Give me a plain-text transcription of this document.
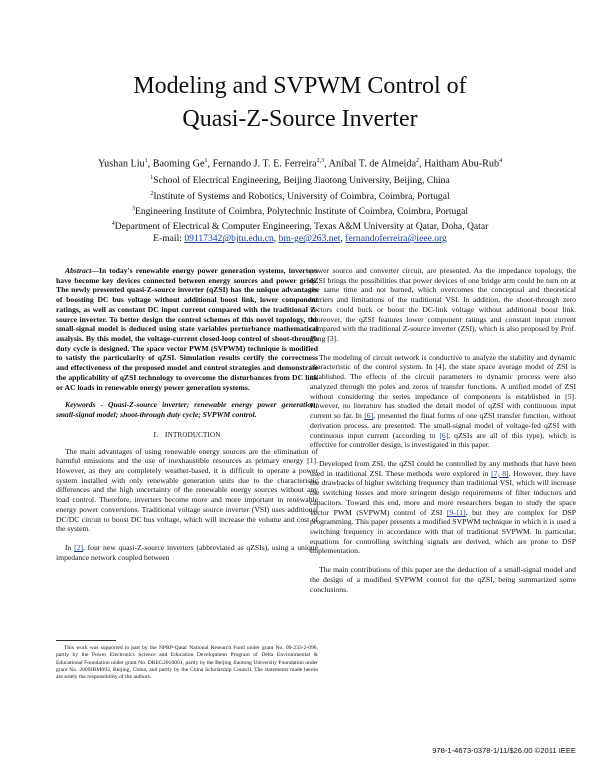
Modeling and SVPWM Control of
Quasi-Z-Source Inverter
Yushan Liu$^1$, Baoming Ge$^1$, Fernando J. T. E. Ferreira$^{2,3}$, Aníbal T. de Almeida$^2$, Haitham Abu-Rub$^4$
$^1$School of Electrical Engineering, Beijing Jiaotong University, Beijing, China
$^2$Institute of Systems and Robotics, University of Coimbra, Coimbra, Portugal
$^3$Engineering Institute of Coimbra, Polytechnic Institute of Coimbra, Coimbra, Portugal
$^4$Department of Electrical & Computer Engineering, Texas A&M University at Qatar, Doha, Qatar
E-mail: 09117342@bjtu.edu.cn, bm-ge@263.net, fernandoferreira@ieee.org
Abstract—In today's renewable energy power generation systems, inverters have become key devices connected between energy sources and power grids. The newly presented quasi-Z-source inverter (qZSI) has the unique advantages of boosting DC bus voltage without additional boost link, lower component ratings, as well as constant DC input current compared with the traditional Z-source inverter. To better design the control schemes of this novel topology, the small-signal model is deduced using state variables perturbance mathematical analysis. By this model, the voltage-current closed-loop control of shoot-through duty cycle is designed. The space vector PWM (SVPWM) technique is modified to satisfy the particularity of qZSI. Simulation results certify the correctness and effectiveness of the proposed model and control strategies and demonstrate the applicability of qZSI technology to overcome the disturbances from DC link or AC loads in renewable energy power generation systems.
Keywords - Quasi-Z-source inverter; renewable energy power generation; small-signal model; shoot-through duty cycle; SVPWM control.
I. INTRODUCTION

The main advantages of using renewable energy sources are the elimination of harmful emissions and the use of inexhaustible resources as primary energy [1]. However, as they are completely weather-based, it is difficult to operate a power system installed with only renewable generation units due to the characteristic differences and the high uncertainty of the renewable energy sources without any load control. Therefore, inverters become more and more important in renewable energy power conversions. Traditional voltage source inverter (VSI) uses additional DC/DC circuit to boost DC bus voltage, which will increase the volume and cost of the system.

In [2], four new quasi-Z-source inverters (abbreviated as qZSIs), using a unique impedance network coupled between

This work was supported in part by the NPRP-Qatar National Research Fund under grant No. 09-233-2-096, partly by the Power Electronics Science and Education Development Program of Delta Environmental & Educational Foundation under grant No. DREG2010001, partly by the Beijing Jiaotong University Foundation under grant No. 2009JBM093, Beijing, China, and partly by the China Scholarship Council. The statements made herein are solely the responsibility of the authors.

power source and converter circuit, are presented. As the impedance topology, the qZSI brings the possibilities that power devices of one bridge arm could be turn on at the same time and not burned, which overcomes the conceptual and theoretical barriers and limitations of the traditional VSI. In addition, the shoot-through zero vectors could buck or boost the DC-link voltage without additional boost link. Moreover, the qZSI features lower component ratings and constant input current compared with the traditional Z-source inverter (ZSI), which is also proposed by Prof. Peng [3].

The modeling of circuit network is conductive to analyze the stability and dynamic characteristic of the control system. In [4], the state space average model of ZSI is established. The effects of the circuit parameters to dynamic process were also analyzed through the poles and zeros of transfer functions. A unified model of ZSI without considering the series impedance of components is established in [5]. However, no literature has studied the detail model of qZSI with continuous input current so far. In [6], presented the final forms of one qZSI transfer function, without derivation process, are presented. The small-signal model of voltage-fed qZSI with continuous input current (according to [6], qZSIs are all of this type), which is effective for controller design, is investigated in this paper.

Developed from ZSI, the qZSI could be controlled by any methods that have been used in traditional ZSI. These methods were explored in [7, 8]. However, they have the drawbacks of higher switching frequency than traditional VSI, which will increase the switching losses and more stringent design requirements of filter inductors and capacitors. Toward this end, more and more researchers began to study the space vector PWM (SVPWM) control of ZSI [9-11], but they are complex for DSP programming. This paper presents a modified SVPWM technique in which it is used a switching frequency in accordance with that of traditional SVPWM. In particular, equations for controlling switching signals are derived, which are prone to DSP implementation.

The main contributions of this paper are the deduction of a small-signal model and the design of a modified SVPWM control for the qZSI, being summarized some conclusions.

978-1-4673-0378-1/11/$26.00 ©2011 IEEE
